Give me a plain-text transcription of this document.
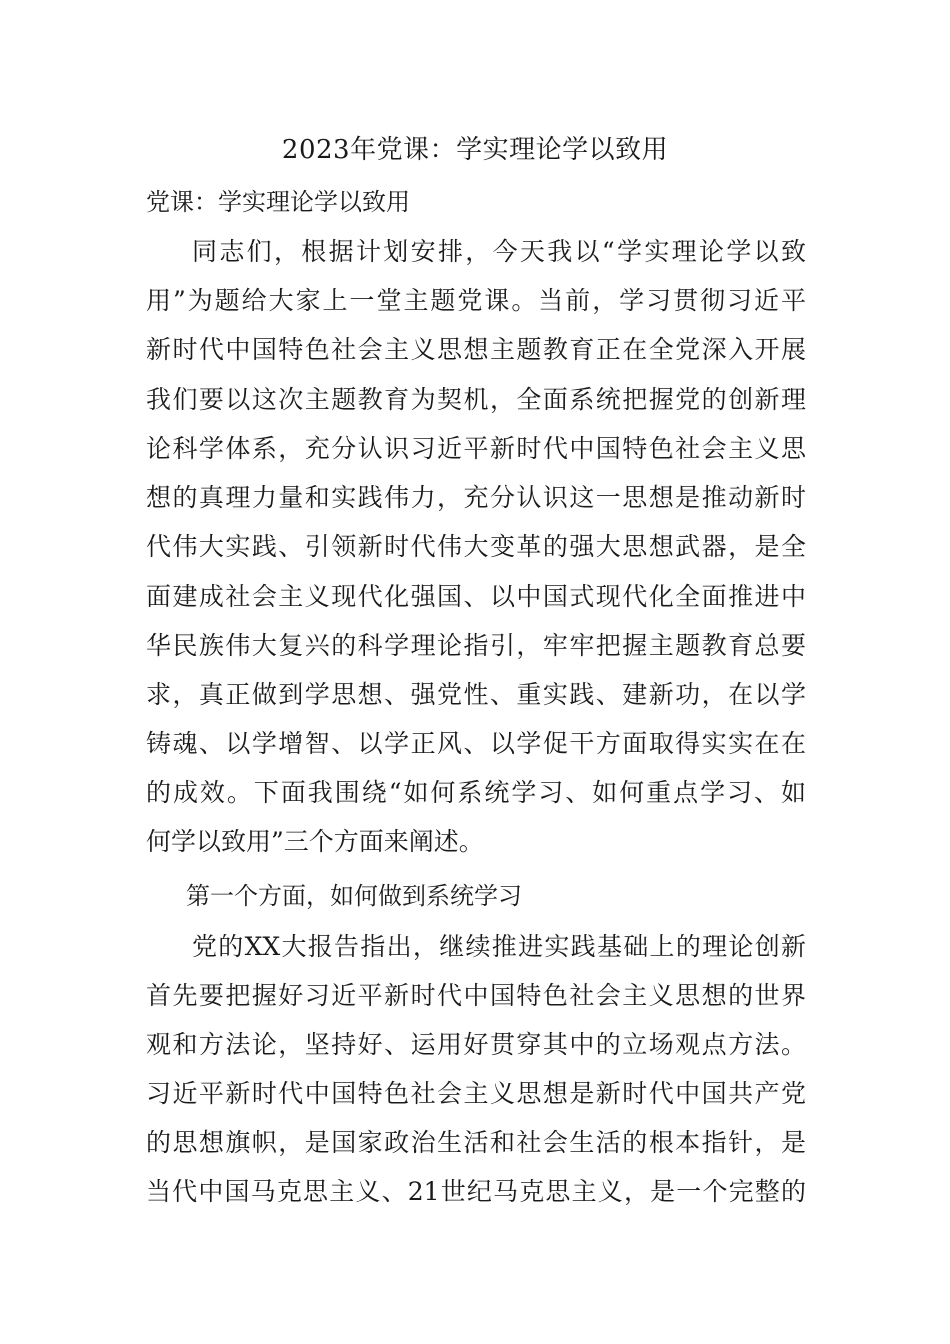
2023年党课：学实理论学以致用
党课：学实理论学以致用
同志们，根据计划安排，今天我以“学实理论学以致
用”为题给大家上一堂主题党课。当前，学习贯彻习近平
新时代中国特色社会主义思想主题教育正在全党深入开展
我们要以这次主题教育为契机，全面系统把握党的创新理
论科学体系，充分认识习近平新时代中国特色社会主义思
想的真理力量和实践伟力，充分认识这一思想是推动新时
代伟大实践、引领新时代伟大变革的强大思想武器，是全
面建成社会主义现代化强国、以中国式现代化全面推进中
华民族伟大复兴的科学理论指引，牢牢把握主题教育总要
求，真正做到学思想、强党性、重实践、建新功，在以学
铸魂、以学增智、以学正风、以学促干方面取得实实在在
的成效。下面我围绕“如何系统学习、如何重点学习、如
何学以致用”三个方面来阐述。
第一个方面，如何做到系统学习
党的XX大报告指出，继续推进实践基础上的理论创新
首先要把握好习近平新时代中国特色社会主义思想的世界
观和方法论，坚持好、运用好贯穿其中的立场观点方法。
习近平新时代中国特色社会主义思想是新时代中国共产党
的思想旗帜，是国家政治生活和社会生活的根本指针，是
当代中国马克思主义、21世纪马克思主义，是一个完整的
